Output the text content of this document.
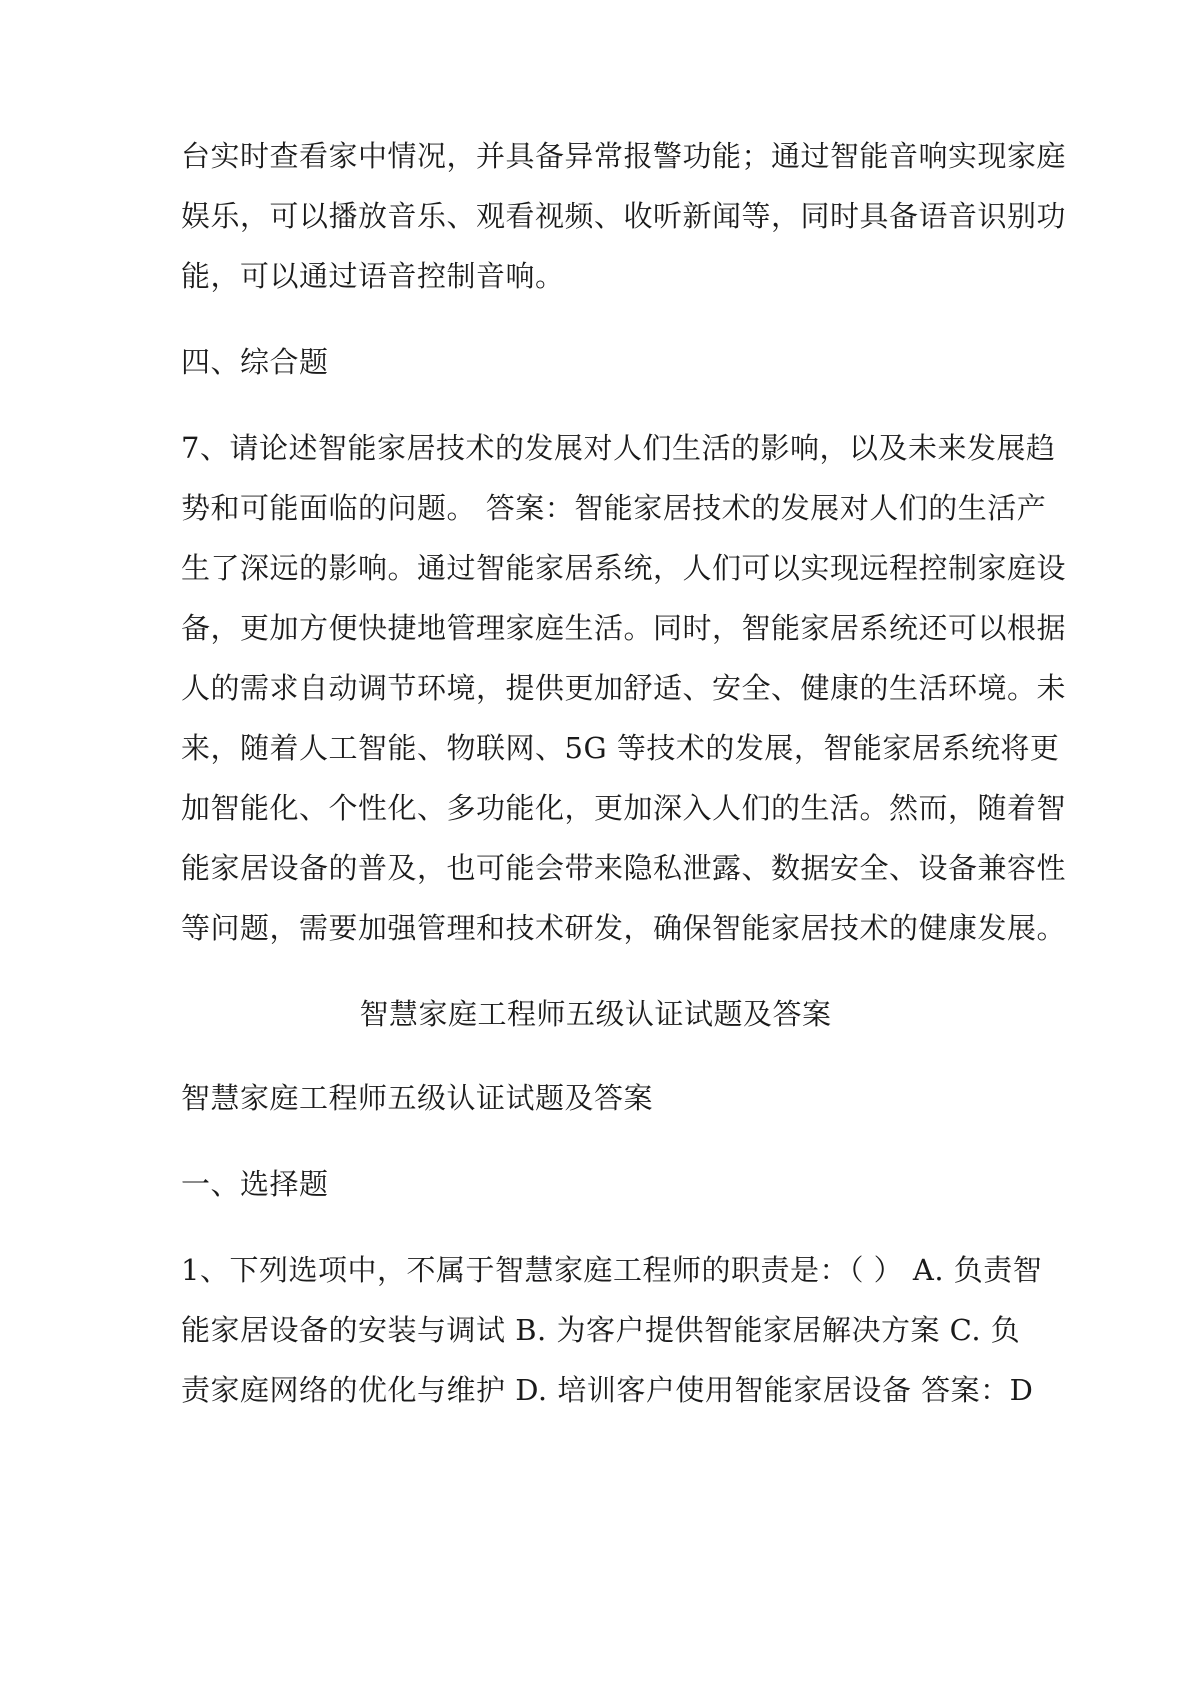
台实时查看家中情况，并具备异常报警功能；通过智能音响实现家庭
娱乐，可以播放音乐、观看视频、收听新闻等，同时具备语音识别功
能，可以通过语音控制音响。
四、综合题
7、请论述智能家居技术的发展对人们生活的影响，以及未来发展趋
势和可能面临的问题。 答案：智能家居技术的发展对人们的生活产
生了深远的影响。通过智能家居系统，人们可以实现远程控制家庭设
备，更加方便快捷地管理家庭生活。同时，智能家居系统还可以根据
人的需求自动调节环境，提供更加舒适、安全、健康的生活环境。未
来，随着人工智能、物联网、5G 等技术的发展，智能家居系统将更
加智能化、个性化、多功能化，更加深入人们的生活。然而，随着智
能家居设备的普及，也可能会带来隐私泄露、数据安全、设备兼容性
等问题，需要加强管理和技术研发，确保智能家居技术的健康发展。
智慧家庭工程师五级认证试题及答案
智慧家庭工程师五级认证试题及答案
一、选择题
1、下列选项中，不属于智慧家庭工程师的职责是：（ ） A. 负责智
能家居设备的安装与调试 B. 为客户提供智能家居解决方案 C. 负
责家庭网络的优化与维护 D. 培训客户使用智能家居设备 答案：D
